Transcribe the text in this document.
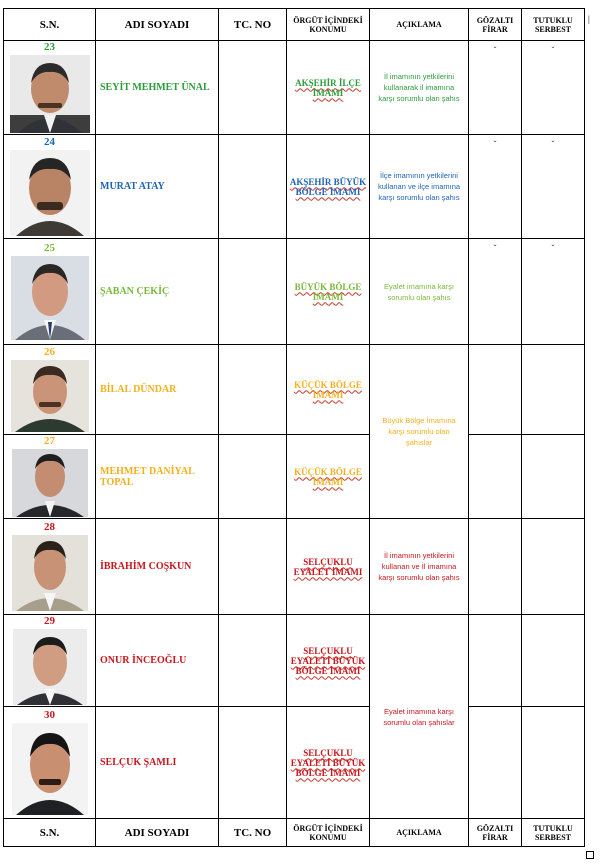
S.N.	ADI SOYADI	TC. NO	ÖRGÜT İÇİNDEKİ KONUMU	AÇIKLAMA	GÖZALTI FİRAR	TUTUKLU SERBEST

23	SEYİT MEHMET ÜNAL		AKŞEHİR İLÇE İMAMI	İl imamının yetkilerini kullanarak il imamına karşı sorumlu olan şahıs	ˇ	ˇ

24	MURAT ATAY		AKŞEHİR BÜYÜK BÖLGE İMAMI	İlçe imamının yetkilerini kullanan ve ilçe imamına karşı sorumlu olan şahıs	ˇ	ˇ

25	ŞABAN ÇEKİÇ		BÜYÜK BÖLGE İMAMI	Eyalet imamına karşı sorumlu olan şahıs	ˇ	ˇ

26	BİLAL DÜNDAR		KÜÇÜK BÖLGE İMAMI	Büyük Bölge İmamına karşı sorumlu olan şahıslar		

27	MEHMET DANİYAL TOPAL		KÜÇÜK BÖLGE İMAMI			

28	İBRAHİM COŞKUN		SELÇUKLU EYALET İMAMI	İl imamının yetkilerini kullanan ve İl imamına karşı sorumlu olan şahıs		

29	ONUR İNCEOĞLU		SELÇUKLU EYALETİ BÜYÜK BÖLGE İMAMI	Eyalet imamına karşı sorumlu olan şahıslar		

30	SELÇUK ŞAMLI		SELÇUKLU EYALETİ BÜYÜK BÖLGE İMAMI			
S.N.	ADI SOYADI	TC. NO	ÖRGÜT İÇİNDEKİ KONUMU	AÇIKLAMA	GÖZALTI FİRAR	TUTUKLU SERBEST
|
